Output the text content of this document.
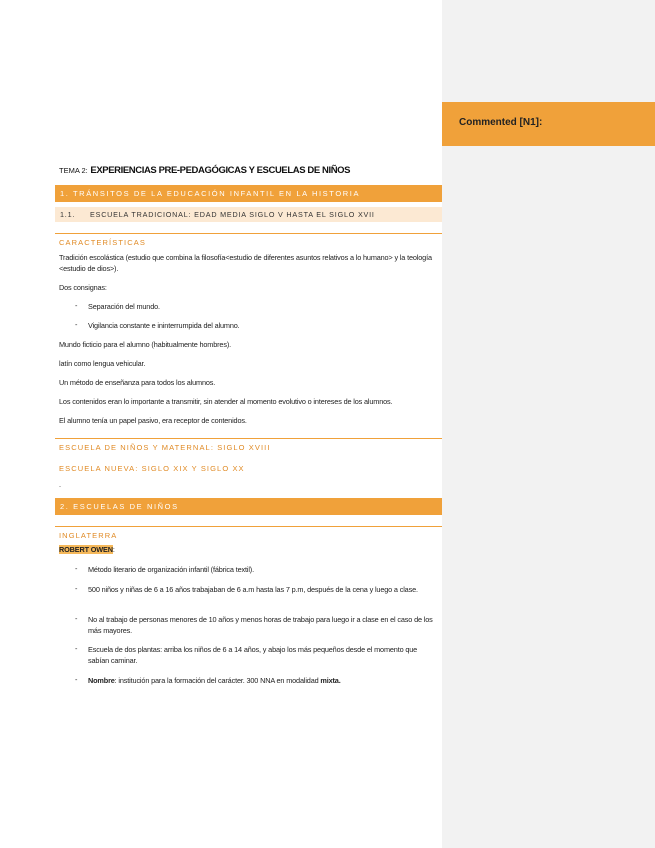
Commented [N1]:
TEMA 2: EXPERIENCIAS PRE-PEDAGÓGICAS Y ESCUELAS DE NIÑOS
1. TRÁNSITOS DE LA EDUCACIÓN INFANTIL EN LA HISTORIA
1.1. ESCUELA TRADICIONAL: EDAD MEDIA SIGLO V HASTA EL SIGLO XVII
CARACTERÍSTICAS
Tradición escolástica (estudio que combina la filosofía<estudio de diferentes asuntos relativos a lo humano> y la teología <estudio de dios>).
Dos consignas:
- Separación del mundo.
- Vigilancia constante e ininterrumpida del alumno.
Mundo ficticio para el alumno (habitualmente hombres).
latín como lengua vehicular.
Un método de enseñanza para todos los alumnos.
Los contenidos eran lo importante a transmitir, sin atender al momento evolutivo o intereses de los alumnos.
El alumno tenía un papel pasivo, era receptor de contenidos.
ESCUELA DE NIÑOS Y MATERNAL: SIGLO XVIII
ESCUELA NUEVA: SIGLO XIX Y SIGLO XX
.
2. ESCUELAS DE NIÑOS
INGLATERRA
ROBERT OWEN:
- Método literario de organización infantil (fábrica textil).
- 500 niños y niñas de 6 a 16 años trabajaban de 6 a.m hasta las 7 p.m, después de la cena y luego a clase.
- No al trabajo de personas menores de 10 años y menos horas de trabajo para luego ir a clase en el caso de los más mayores.
- Escuela de dos plantas: arriba los niños de 6 a 14 años, y abajo los más pequeños desde el momento que sabían caminar.
- Nombre: institución para la formación del carácter. 300 NNA en modalidad mixta.
